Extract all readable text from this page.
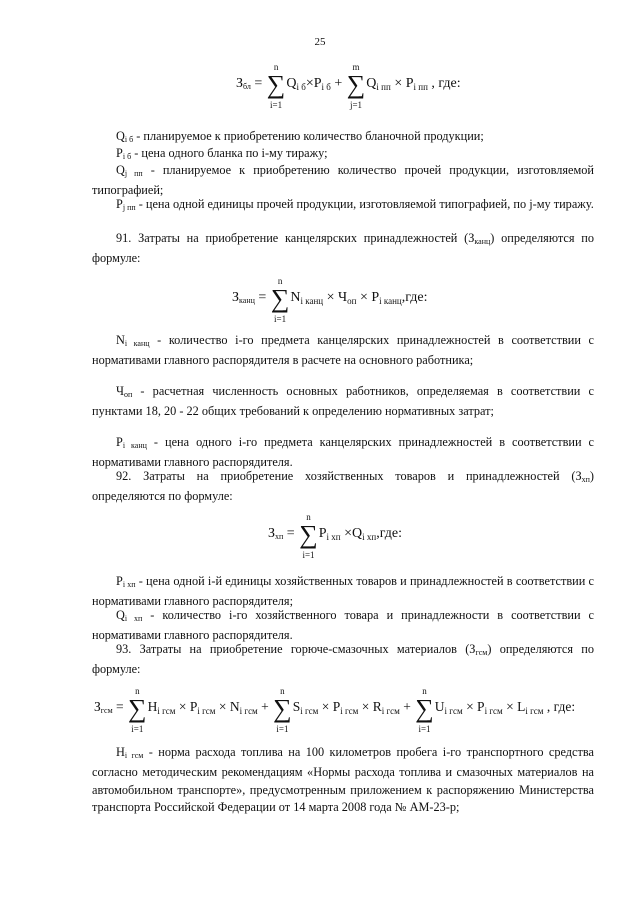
25
$З_{бл}$ = ∑
n
i=1
$Q_{i б}\times P_{i б}$ + ∑
m
j=1
$Q_{i пп} \times P_{i пп}$ , где:

$Q_{i б}$ - планируемое к приобретению количество бланочной продукции;

$P_{i б}$ - цена одного бланка по i-му тиражу;

$Q_{j пп}$ - планируемое к приобретению количество прочей продукции, изготовляемой типографией;

$P_{j пп}$ - цена одной единицы прочей продукции, изготовляемой типографией, по j-му тиражу.

91. Затраты на приобретение канцелярских принадлежностей $(З_{канц})$ определяются по формуле:

$З_{канц}$ = ∑
n
i=1
$N_{i канц} \times Ч_{оп} \times P_{i канц},где$:

$N_{i канц}$ - количество i-го предмета канцелярских принадлежностей в соответствии с нормативами главного распорядителя в расчете на основного работника;

$Ч_{оп}$ - расчетная численность основных работников, определяемая в соответствии с пунктами 18, 20 - 22 общих требований к определению нормативных затрат;

$P_{i канц}$ - цена одного i-го предмета канцелярских принадлежностей в соответствии с нормативами главного распорядителя.

92. Затраты на приобретение хозяйственных товаров и принадлежностей $(З_{хп})$ определяются по формуле:

$З_{хп}$ = ∑
n
i=1
$P_{i хп} \times Q_{i хп},где$:

$P_{i хп}$ - цена одной i-й единицы хозяйственных товаров и принадлежностей в соответствии с нормативами главного распорядителя;

$Q_{i хп}$ - количество i-го хозяйственного товара и принадлежности в соответствии с нормативами главного распорядителя.

93. Затраты на приобретение горюче-смазочных материалов $(З_{гсм})$ определяются по формуле:

$З_{гсм}$ = ∑
n
i=1
$H_{i гсм} \times P_{i гсм} \times N_{i гсм}$ + ∑
n
i=1
$S_{i гсм} \times P_{i гсм} \times R_{i гсм}$ + ∑
n
i=1
$U_{i гсм} \times P_{i гсм} \times L_{i гсм}$ , где:

$H_{i гсм}$ - норма расхода топлива на 100 километров пробега i-го транспортного средства согласно методическим рекомендациям «Нормы расхода топлива и смазочных материалов на автомобильном транспорте», предусмотренным приложением к распоряжению Министерства транспорта Российской Федерации от 14 марта 2008 года № АМ-23-р;
